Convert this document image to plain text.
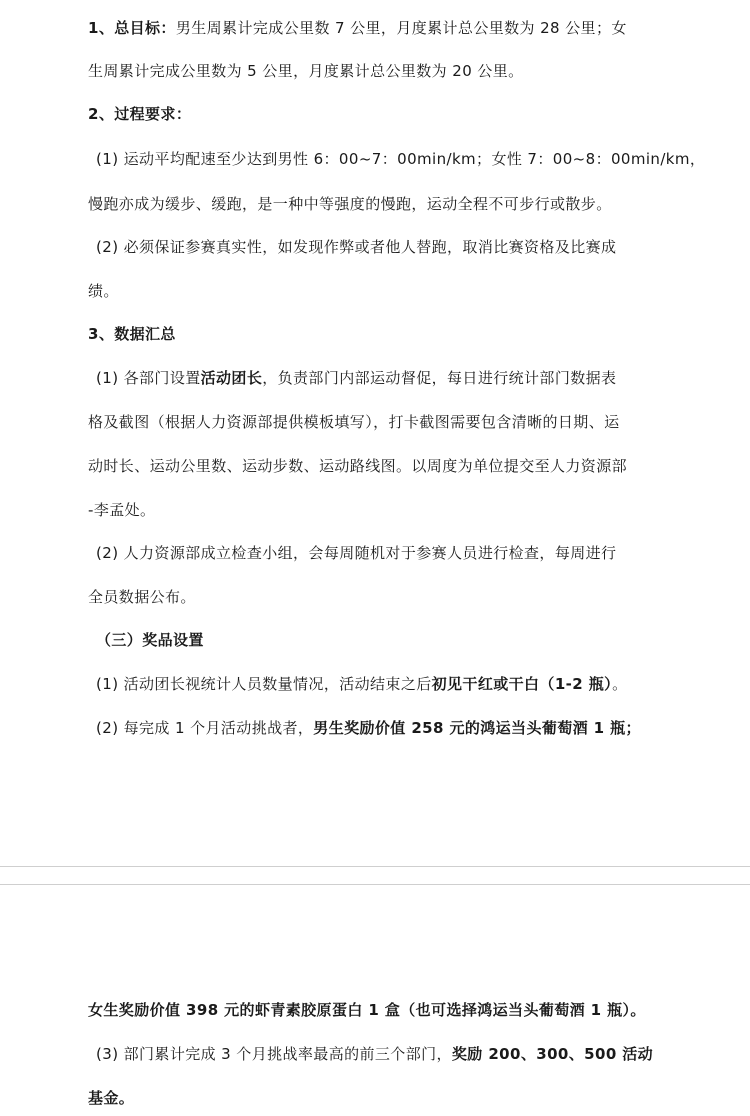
1、总目标：男生周累计完成公里数 7 公里，月度累计总公里数为 28 公里；女
生周累计完成公里数为 5 公里，月度累计总公里数为 20 公里。
2、过程要求：
(1) 运动平均配速至少达到男性 6：00~7：00min/km；女性 7：00~8：00min/km，
慢跑亦成为缓步、缓跑，是一种中等强度的慢跑，运动全程不可步行或散步。
(2) 必须保证参赛真实性，如发现作弊或者他人替跑，取消比赛资格及比赛成
绩。
3、数据汇总
(1) 各部门设置活动团长，负责部门内部运动督促，每日进行统计部门数据表
格及截图（根据人力资源部提供模板填写），打卡截图需要包含清晰的日期、运
动时长、运动公里数、运动步数、运动路线图。以周度为单位提交至人力资源部
-李孟处。
(2) 人力资源部成立检查小组，会每周随机对于参赛人员进行检查，每周进行
全员数据公布。
（三）奖品设置
(1) 活动团长视统计人员数量情况，活动结束之后初见干红或干白（1-2 瓶）。
(2) 每完成 1 个月活动挑战者，男生奖励价值 258 元的鸿运当头葡萄酒 1 瓶；
女生奖励价值 398 元的虾青素胶原蛋白 1 盒（也可选择鸿运当头葡萄酒 1 瓶）。
(3) 部门累计完成 3 个月挑战率最高的前三个部门，奖励 200、300、500 活动
基金。
